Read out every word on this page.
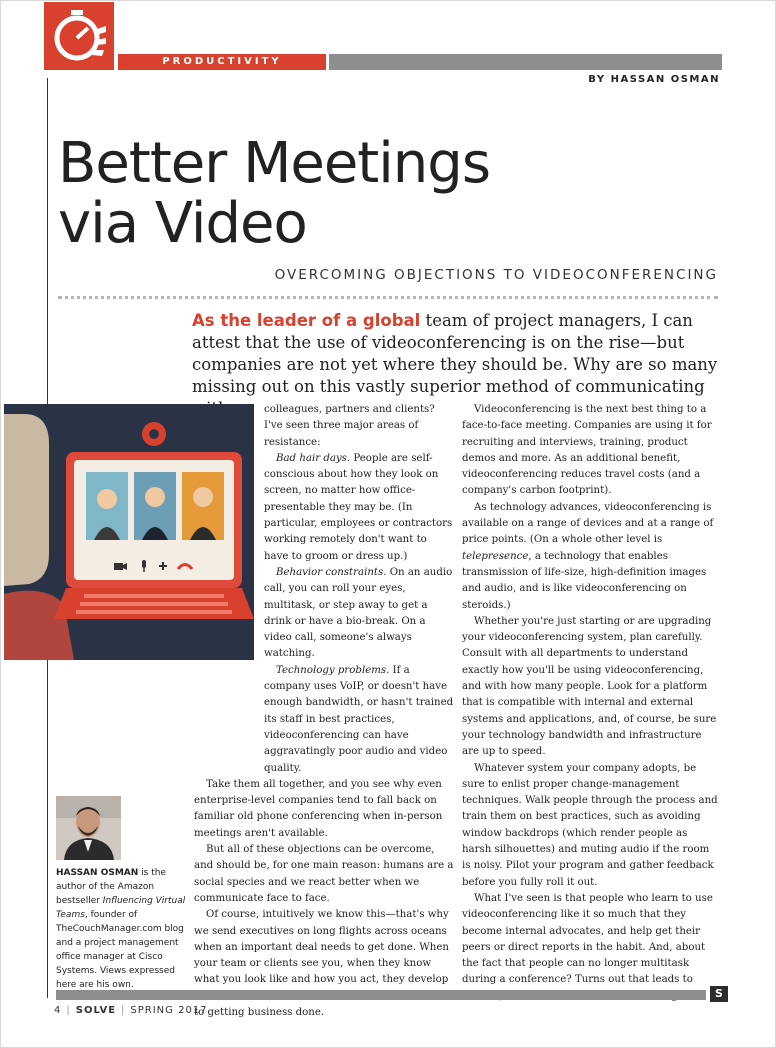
PRODUCTIVITY
BY HASSAN OSMAN
Better Meetings
via Video
OVERCOMING OBJECTIONS TO VIDEOCONFERENCING
As the leader of a global team of project managers, I can attest that the use of videoconferencing is on the rise—but companies are not yet where they should be. Why are so many missing out on this vastly superior method of communicating

colleagues, partners and clients? I've seen three major areas of resistance:

Bad hair days. People are self-conscious about how they look on screen, no matter how office-presentable they may be. (In particular, employees or contractors working remotely don't want to have to groom or dress up.)

Behavior constraints. On an audio call, you can roll your eyes, multitask, or step away to get a drink or have a bio-break. On a video call, someone's always watching.

Technology problems. If a company uses VoIP, or doesn't have enough bandwidth, or hasn't trained its staff in best practices, videoconferencing can have aggravatingly poor audio and video quality.

Take them all together, and you see why even enterprise-level companies tend to fall back on familiar old phone conferencing when in-person meetings aren't available.

But all of these objections can be overcome, and should be, for one main reason: humans are a social species and we react better when we communicate face to face.

Of course, intuitively we know this—that's why we send executives on long flights across oceans when an important deal needs to get done. When your team or clients see you, when they know what you look like and how you act, they develop to getting business done.

Videoconferencing is the next best thing to a face-to-face meeting. Companies are using it for recruiting and interviews, training, product demos and more. As an additional benefit, videoconferencing reduces travel costs (and a company's carbon footprint).

As technology advances, videoconferencing is available on a range of devices and at a range of price points. (On a whole other level is telepresence, a technology that enables transmission of life-size, high-definition images and audio, and is like videoconferencing on steroids.)

Whether you're just starting or are upgrading your videoconferencing system, plan carefully. Consult with all departments to understand exactly how you'll be using videoconferencing, and with how many people. Look for a platform that is compatible with internal and external systems and applications, and, of course, be sure your technology bandwidth and infrastructure are up to speed.

Whatever system your company adopts, be sure to enlist proper change-management techniques. Walk people through the process and train them on best practices, such as avoiding window backdrops (which render people as harsh silhouettes) and muting audio if the room is noisy. Pilot your program and gather feedback before you fully roll it out.

What I've seen is that people who learn to use videoconferencing like it so much that they become internal advocates, and help get their peers or direct reports in the habit. And, about the fact that people can no longer multitask during a conference? Turns out that leads to

HASSAN OSMAN is the author of the Amazon bestseller Influencing Virtual Teams, founder of TheCouchManager.com blog and a project management office manager at Cisco Systems. Views expressed here are his own.
S
4 | SOLVE | SPRING 2017
